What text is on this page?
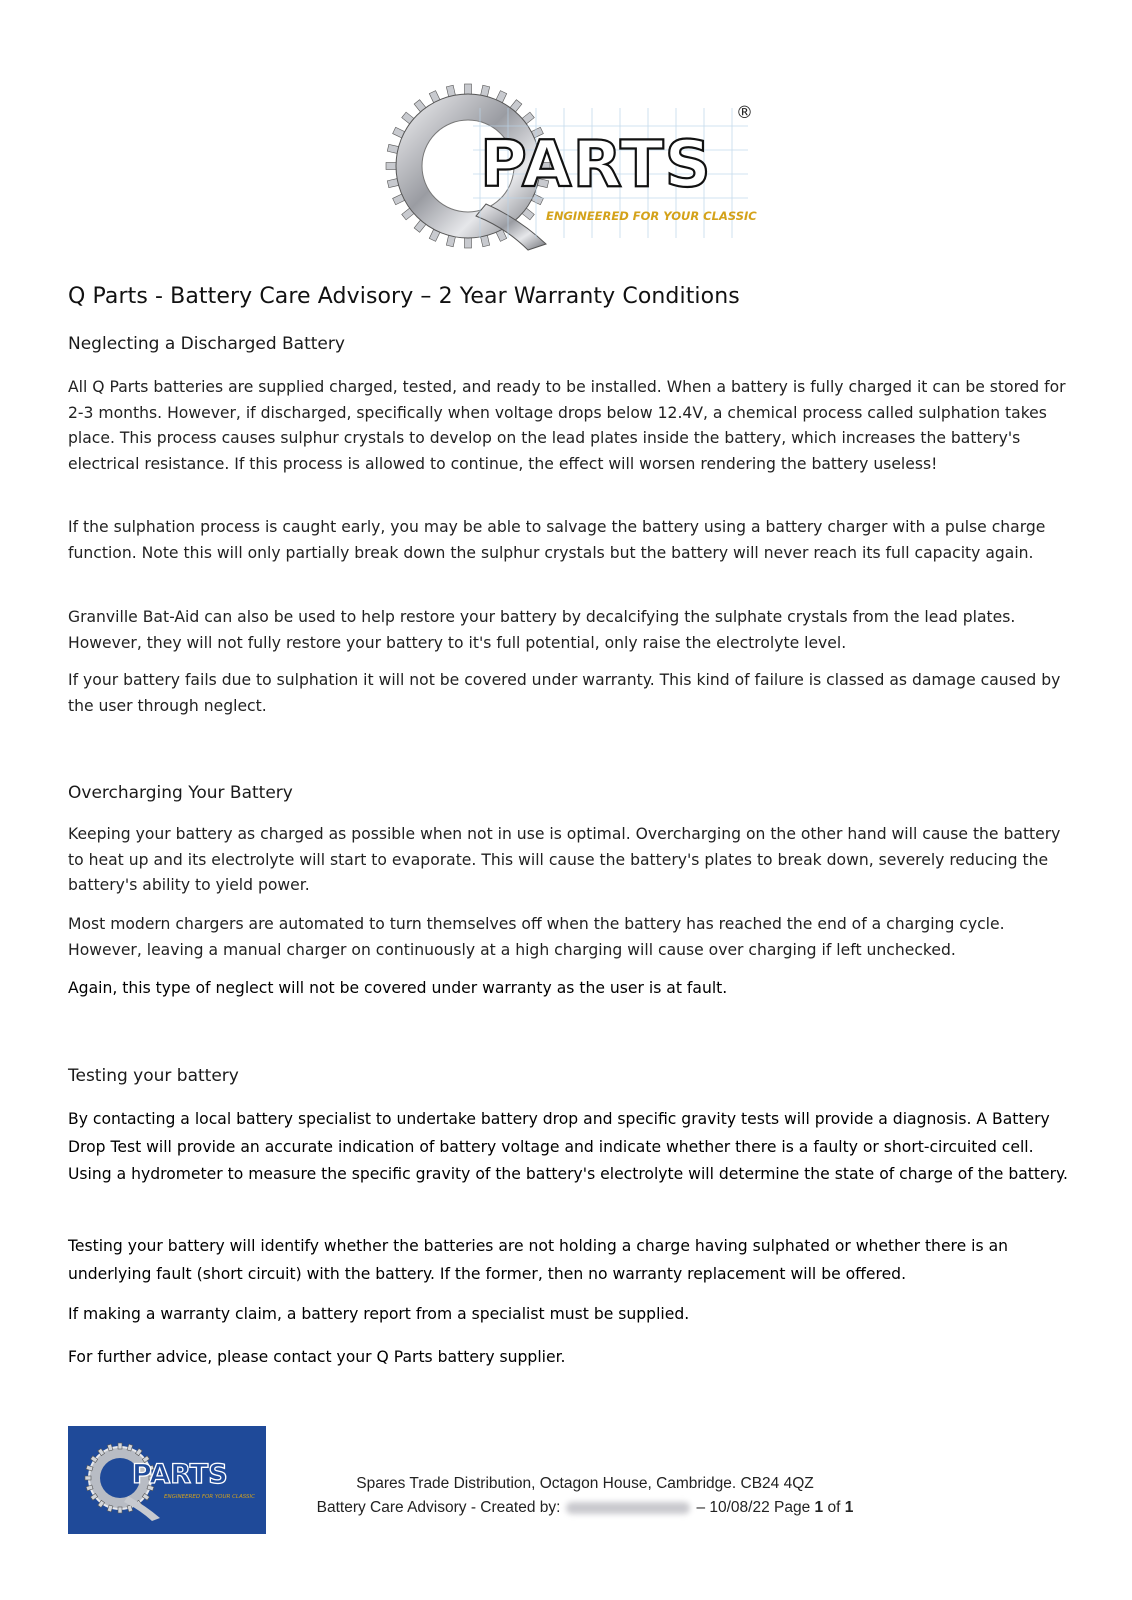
PARTS
®
ENGINEERED FOR YOUR CLASSIC
Q Parts - Battery Care Advisory – 2 Year Warranty Conditions
Neglecting a Discharged Battery

All Q Parts batteries are supplied charged, tested, and ready to be installed. When a battery is fully charged it can be stored for 2-3 months. However, if discharged, specifically when voltage drops below 12.4V, a chemical process called sulphation takes place. This process causes sulphur crystals to develop on the lead plates inside the battery, which increases the battery's electrical resistance. If this process is allowed to continue, the effect will worsen rendering the battery useless!

If the sulphation process is caught early, you may be able to salvage the battery using a battery charger with a pulse charge function. Note this will only partially break down the sulphur crystals but the battery will never reach its full capacity again.

Granville Bat-Aid can also be used to help restore your battery by decalcifying the sulphate crystals from the lead plates. However, they will not fully restore your battery to it's full potential, only raise the electrolyte level.

If your battery fails due to sulphation it will not be covered under warranty. This kind of failure is classed as damage caused by the user through neglect.

Overcharging Your Battery

Keeping your battery as charged as possible when not in use is optimal. Overcharging on the other hand will cause the battery to heat up and its electrolyte will start to evaporate. This will cause the battery's plates to break down, severely reducing the battery's ability to yield power.

Most modern chargers are automated to turn themselves off when the battery has reached the end of a charging cycle. However, leaving a manual charger on continuously at a high charging will cause over charging if left unchecked.

Again, this type of neglect will not be covered under warranty as the user is at fault.

Testing your battery

By contacting a local battery specialist to undertake battery drop and specific gravity tests will provide a diagnosis. A Battery Drop Test will provide an accurate indication of battery voltage and indicate whether there is a faulty or short-circuited cell. Using a hydrometer to measure the specific gravity of the battery's electrolyte will determine the state of charge of the battery.

Testing your battery will identify whether the batteries are not holding a charge having sulphated or whether there is an underlying fault (short circuit) with the battery. If the former, then no warranty replacement will be offered.

If making a warranty claim, a battery report from a specialist must be supplied.

For further advice, please contact your Q Parts battery supplier.

PARTS
ENGINEERED FOR YOUR CLASSIC

Spares Trade Distribution, Octagon House, Cambridge. CB24 4QZ

Battery Care Advisory - Created by:	– 10/08/22 Page 1 of 1
